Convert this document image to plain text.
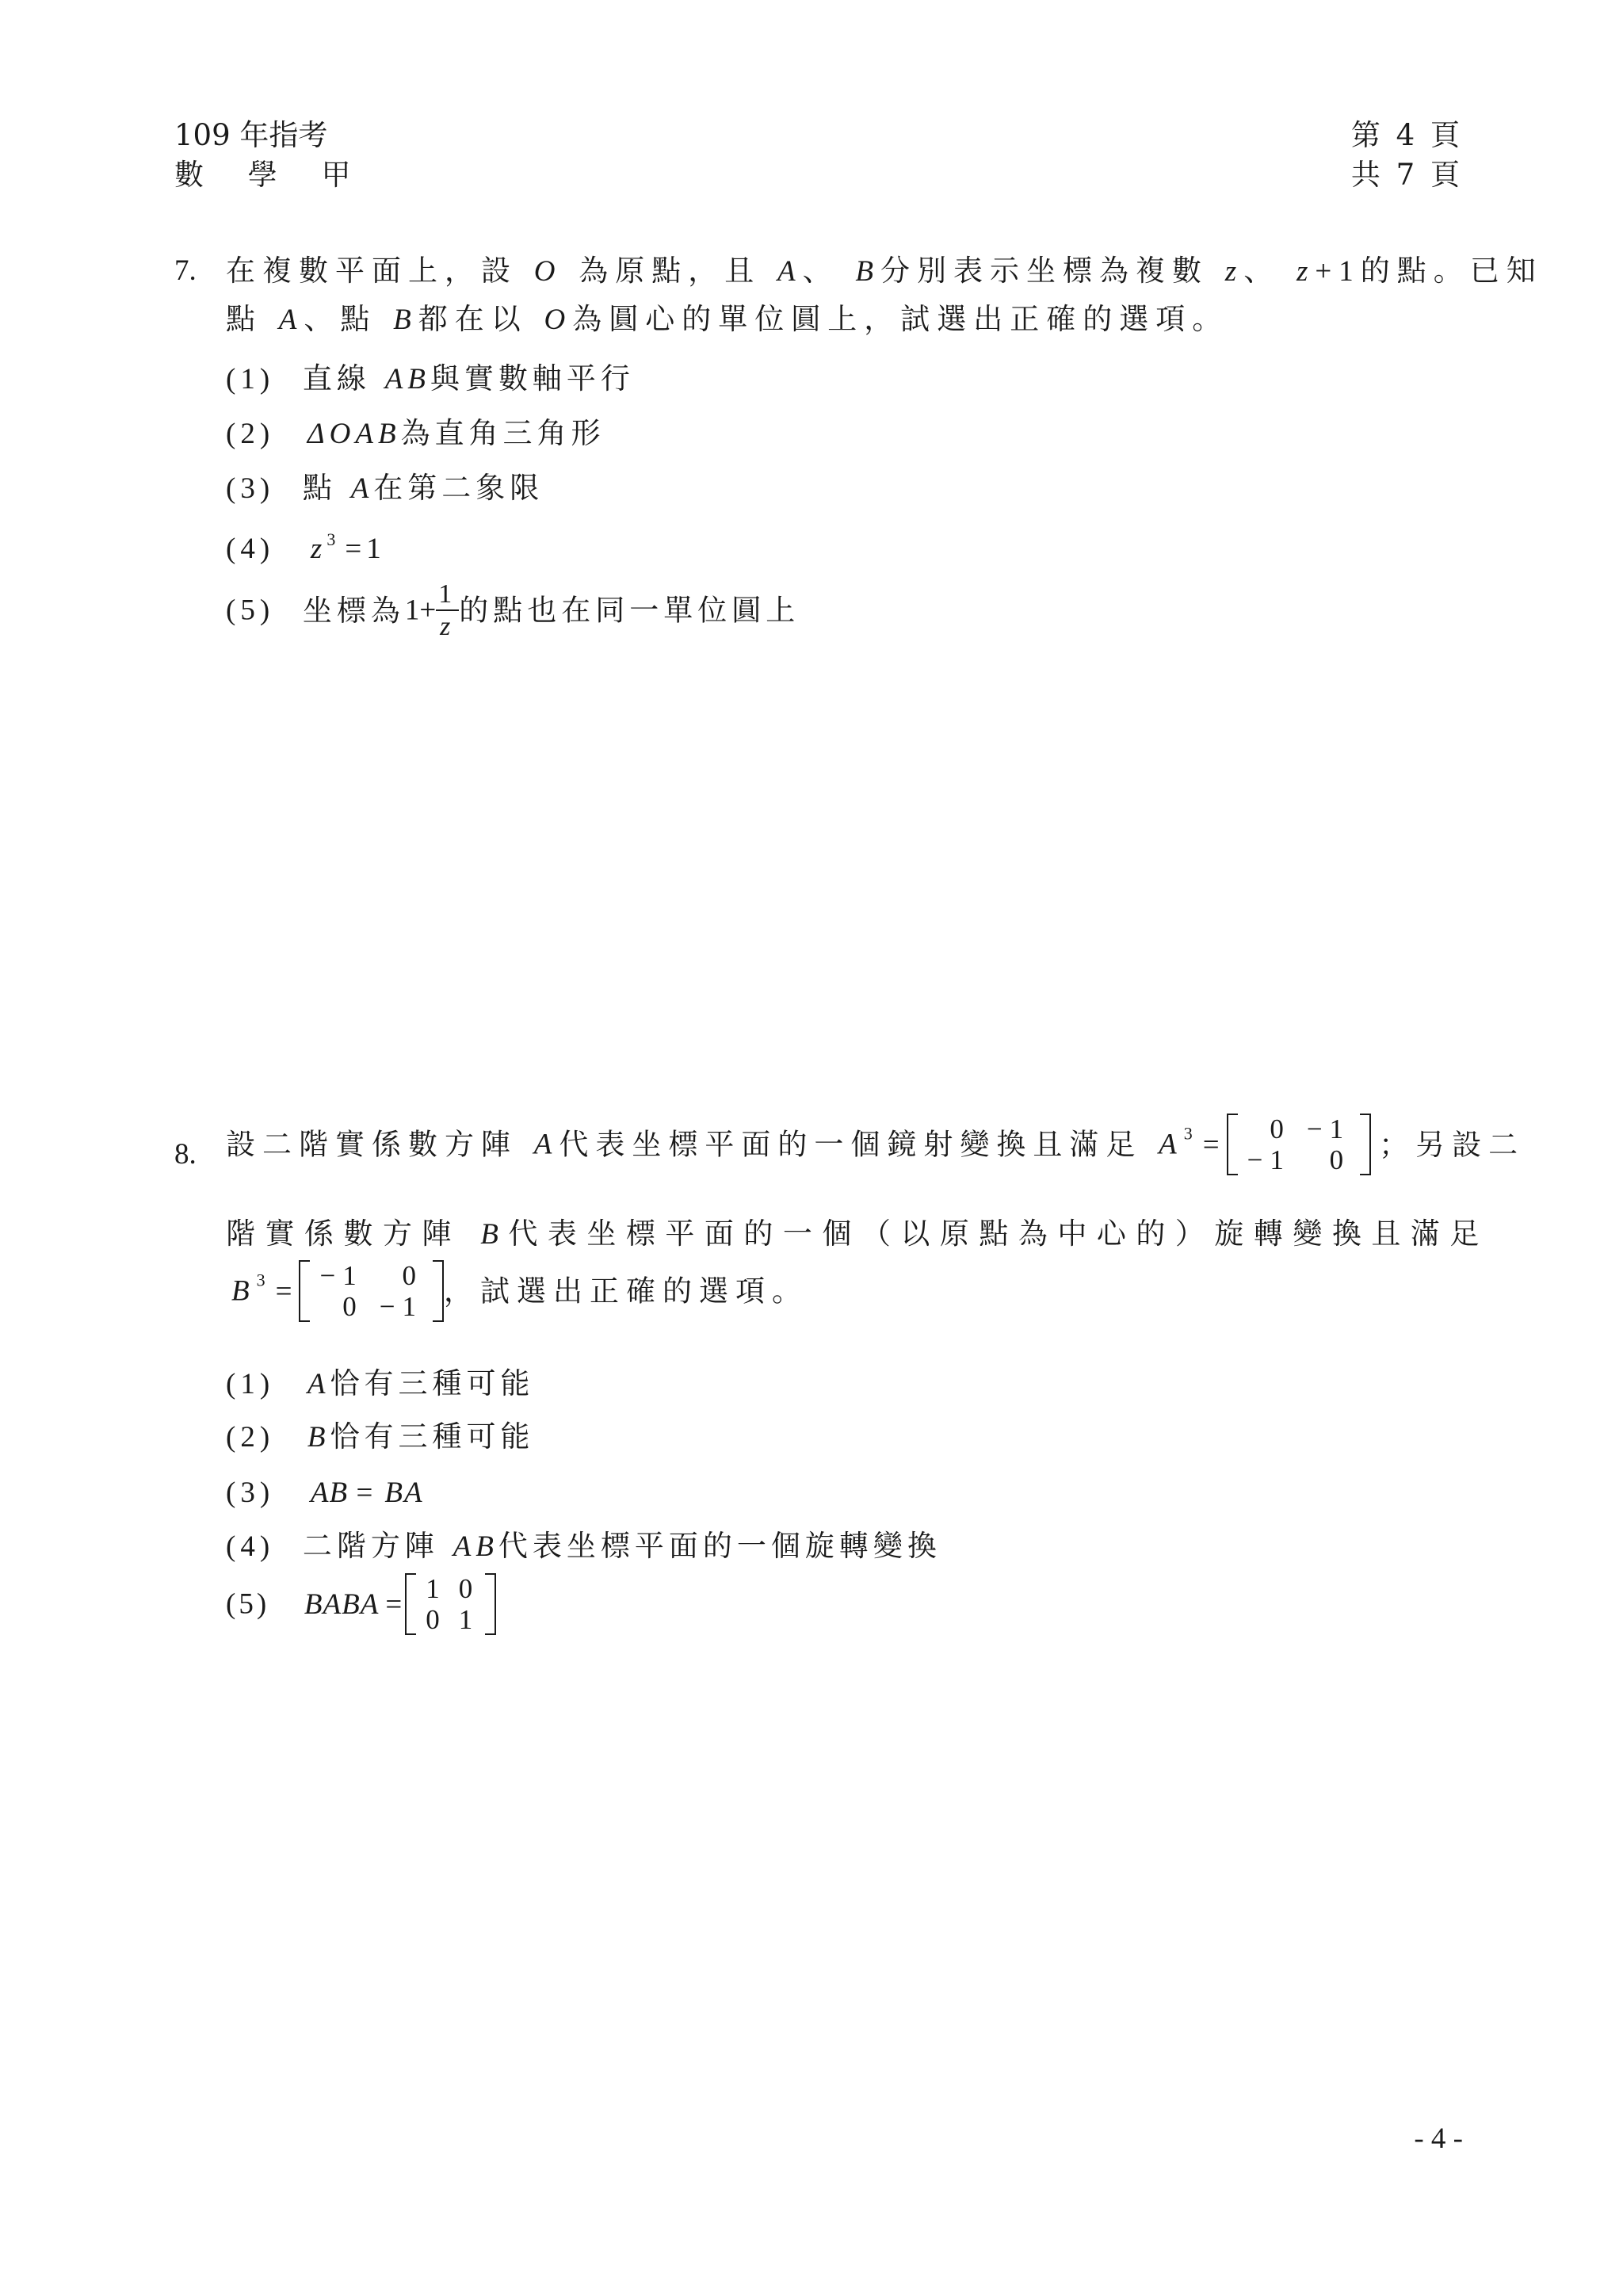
109 年指考
數 學 甲
第 4 頁
共 7 頁
7. 在複數平面上，設 O 為原點，且 A、 B分別表示坐標為複數 z、 z+1的點。已知
點 A、點 B都在以 O為圓心的單位圓上，試選出正確的選項。
(1) 直線 AB與實數軸平行
(2) ΔOAB為直角三角形
(3) 點 A在第二象限
(4) $z^3 =1$
(5) 坐標為$1+ \frac{1}{z}$ 的點也在同一單位圓上
8. 設二階實係數方陣 A代表坐標平面的一個鏡射變換且滿足 $A^3 = 0$	−1
−1	0 ；另設二
階實係數方陣 B代表坐標平面的一個（以原點為中心的）旋轉變換且滿足
$B^3 = -1$	0
0	−1 ，試選出正確的選項。
(1) A恰有三種可能
(2) B恰有三種可能
(3) AB = BA
(4) 二階方陣 AB代表坐標平面的一個旋轉變換
(5) BABA = 1	0
0	1
- 4 -
